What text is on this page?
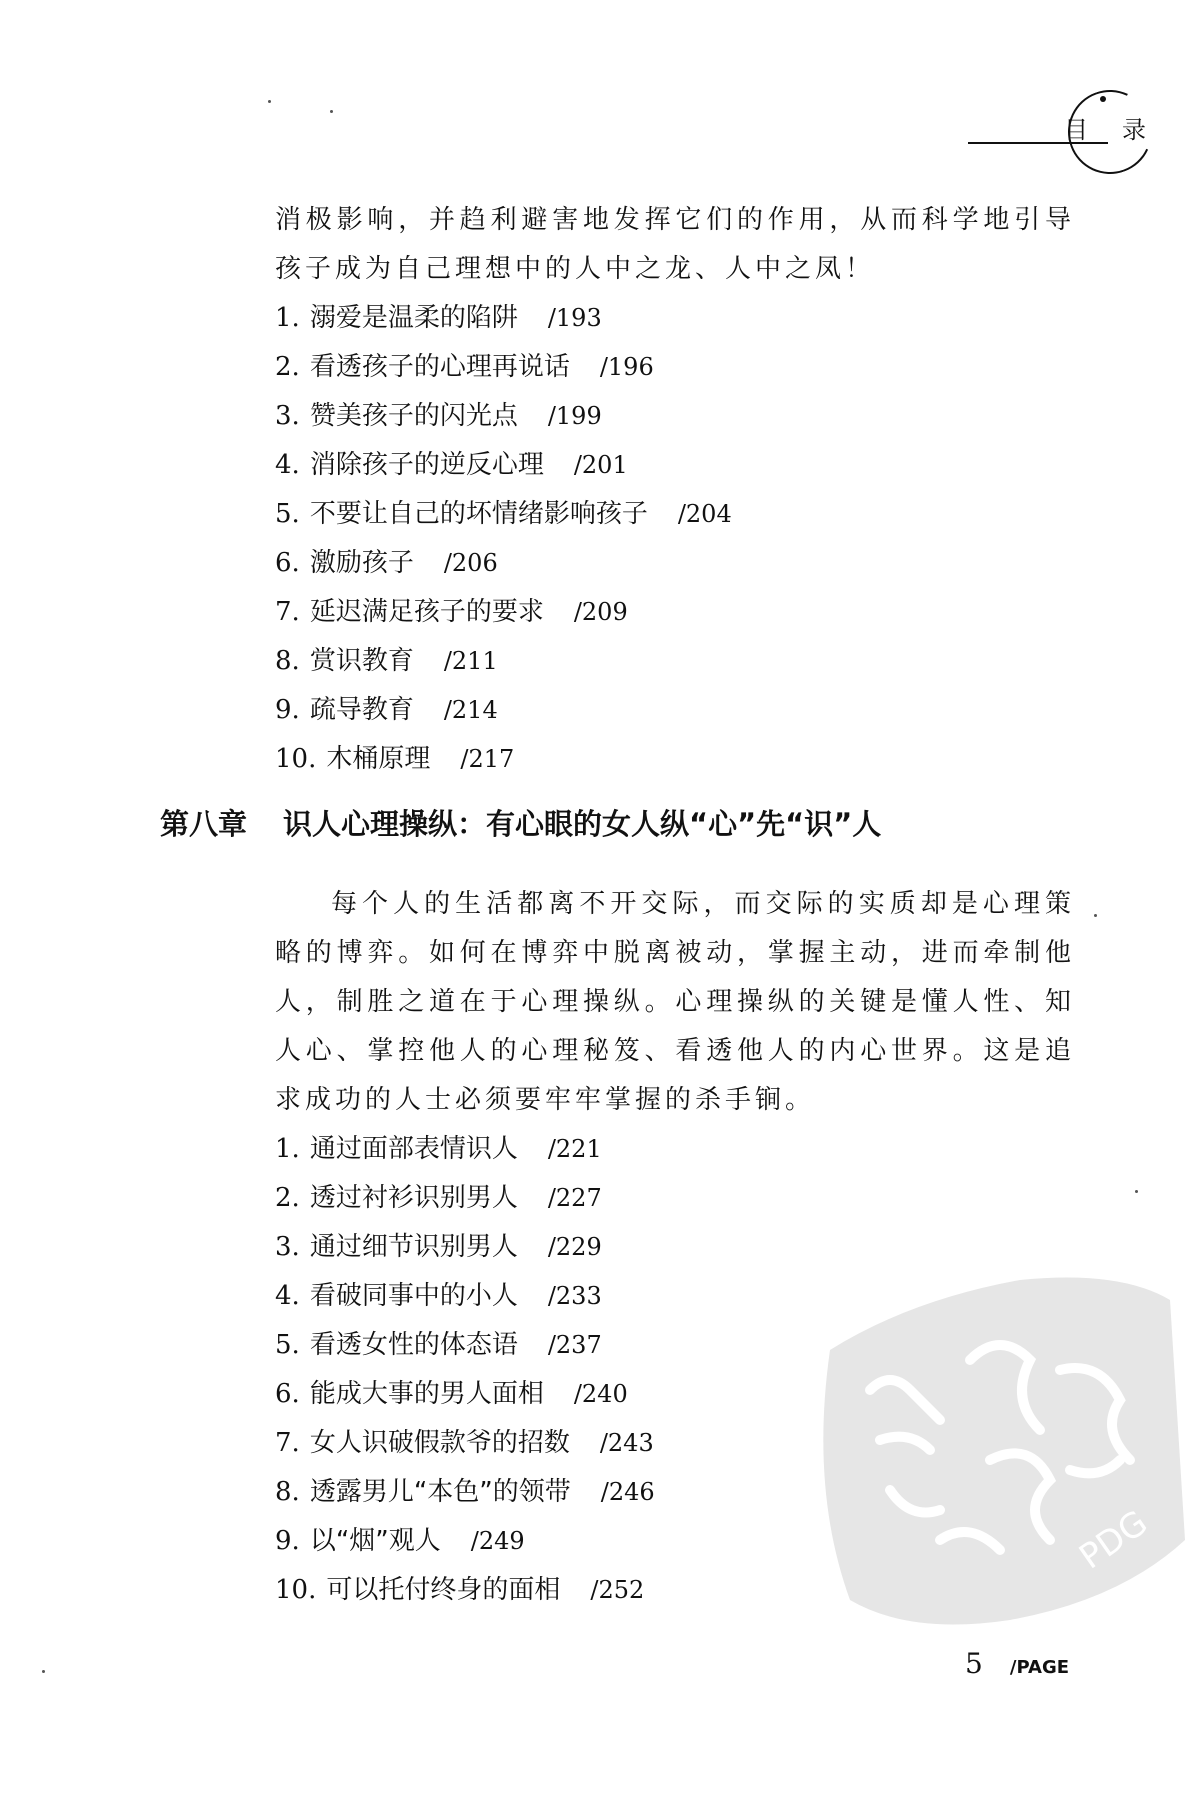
目录

消极影响，并趋利避害地发挥它们的作用，从而科学地引导孩子成为自己理想中的人中之龙、人中之凤！

1. 溺爱是温柔的陷阱 /193
2. 看透孩子的心理再说话 /196
3. 赞美孩子的闪光点 /199
4. 消除孩子的逆反心理 /201
5. 不要让自己的坏情绪影响孩子 /204
6. 激励孩子 /206
7. 延迟满足孩子的要求 /209
8. 赏识教育 /211
9. 疏导教育 /214
10. 木桶原理 /217
第八章 识人心理操纵：有心眼的女人纵“心”先“识”人

每个人的生活都离不开交际，而交际的实质却是心理策略的博弈。如何在博弈中脱离被动，掌握主动，进而牵制他人，制胜之道在于心理操纵。心理操纵的关键是懂人性、知人心、掌控他人的心理秘笈、看透他人的内心世界。这是追求成功的人士必须要牢牢掌握的杀手锏。

1. 通过面部表情识人 /221
2. 透过衬衫识别男人 /227
3. 通过细节识别男人 /229
4. 看破同事中的小人 /233
5. 看透女性的体态语 /237
6. 能成大事的男人面相 /240
7. 女人识破假款爷的招数 /243
8. 透露男儿“本色”的领带 /246
9. 以“烟”观人 /249
10. 可以托付终身的面相 /252
PDG
5 /PAGE
